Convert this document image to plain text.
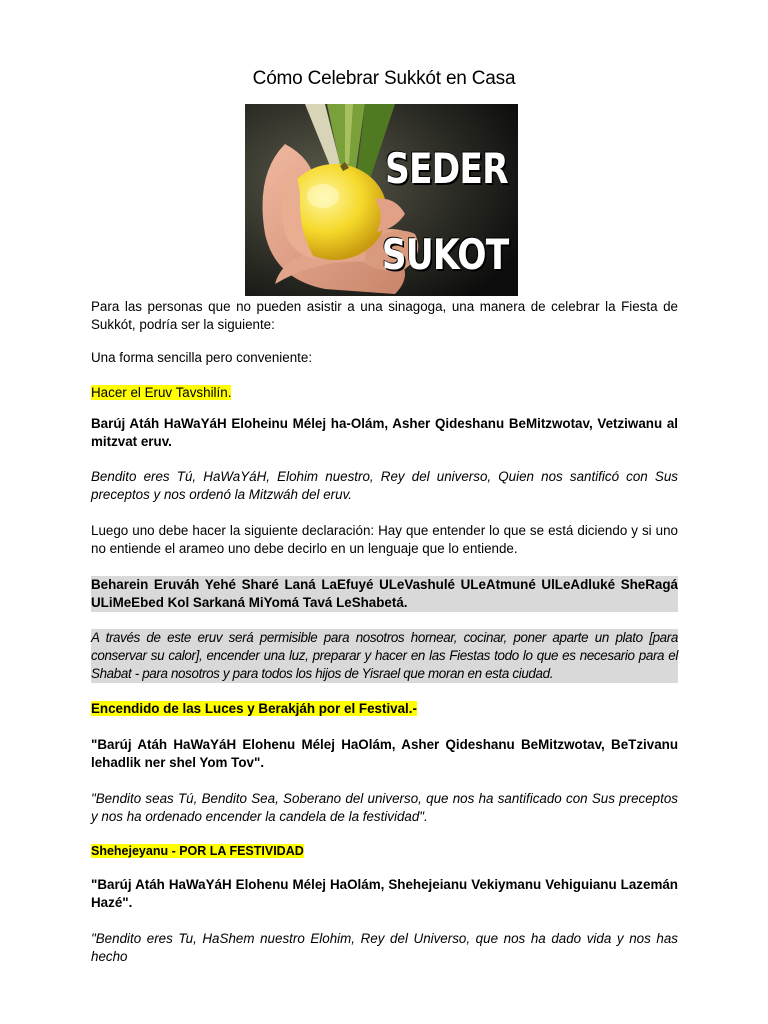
Cómo Celebrar Sukkót en Casa
SEDER
SUKOT
Para las personas que no pueden asistir a una sinagoga, una manera de celebrar la Fiesta de Sukkót, podría ser la siguiente:
Una forma sencilla pero conveniente:
Hacer el Eruv Tavshilín.
Barúj Atáh HaWaYáH Eloheinu Mélej ha-Olám, Asher Qideshanu BeMitzwotav, Vetziwanu al mitzvat eruv.
Bendito eres Tú, HaWaYáH, Elohim nuestro, Rey del universo, Quien nos santificó con Sus preceptos y nos ordenó la Mitzwáh del eruv.
Luego uno debe hacer la siguiente declaración: Hay que entender lo que se está diciendo y si uno no entiende el arameo uno debe decirlo en un lenguaje que lo entiende.
Beharein Eruváh Yehé Sharé Laná LaEfuyé ULeVashulé ULeAtmuné UlLeAdluké SheRagá ULiMeEbed Kol Sarkaná MiYomá Tavá LeShabetá.
A través de este eruv será permisible para nosotros hornear, cocinar, poner aparte un plato [para conservar su calor], encender una luz, preparar y hacer en las Fiestas todo lo que es necesario para el Shabat - para nosotros y para todos los hijos de Yisrael que moran en esta ciudad.
Encendido de las Luces y Berakjáh por el Festival.-
"Barúj Atáh HaWaYáH Elohenu Mélej HaOlám, Asher Qideshanu BeMitzwotav, BeTzivanu lehadlik ner shel Yom Tov".
"Bendito seas Tú, Bendito Sea, Soberano del universo, que nos ha santificado con Sus preceptos y nos ha ordenado encender la candela de la festividad".
Shehejeyanu - POR LA FESTIVIDAD
"Barúj Atáh HaWaYáH Elohenu Mélej HaOlám, Shehejeianu Vekiymanu Vehiguianu Lazemán Hazé".
"Bendito eres Tu, HaShem nuestro Elohim, Rey del Universo, que nos ha dado vida y nos has hecho
